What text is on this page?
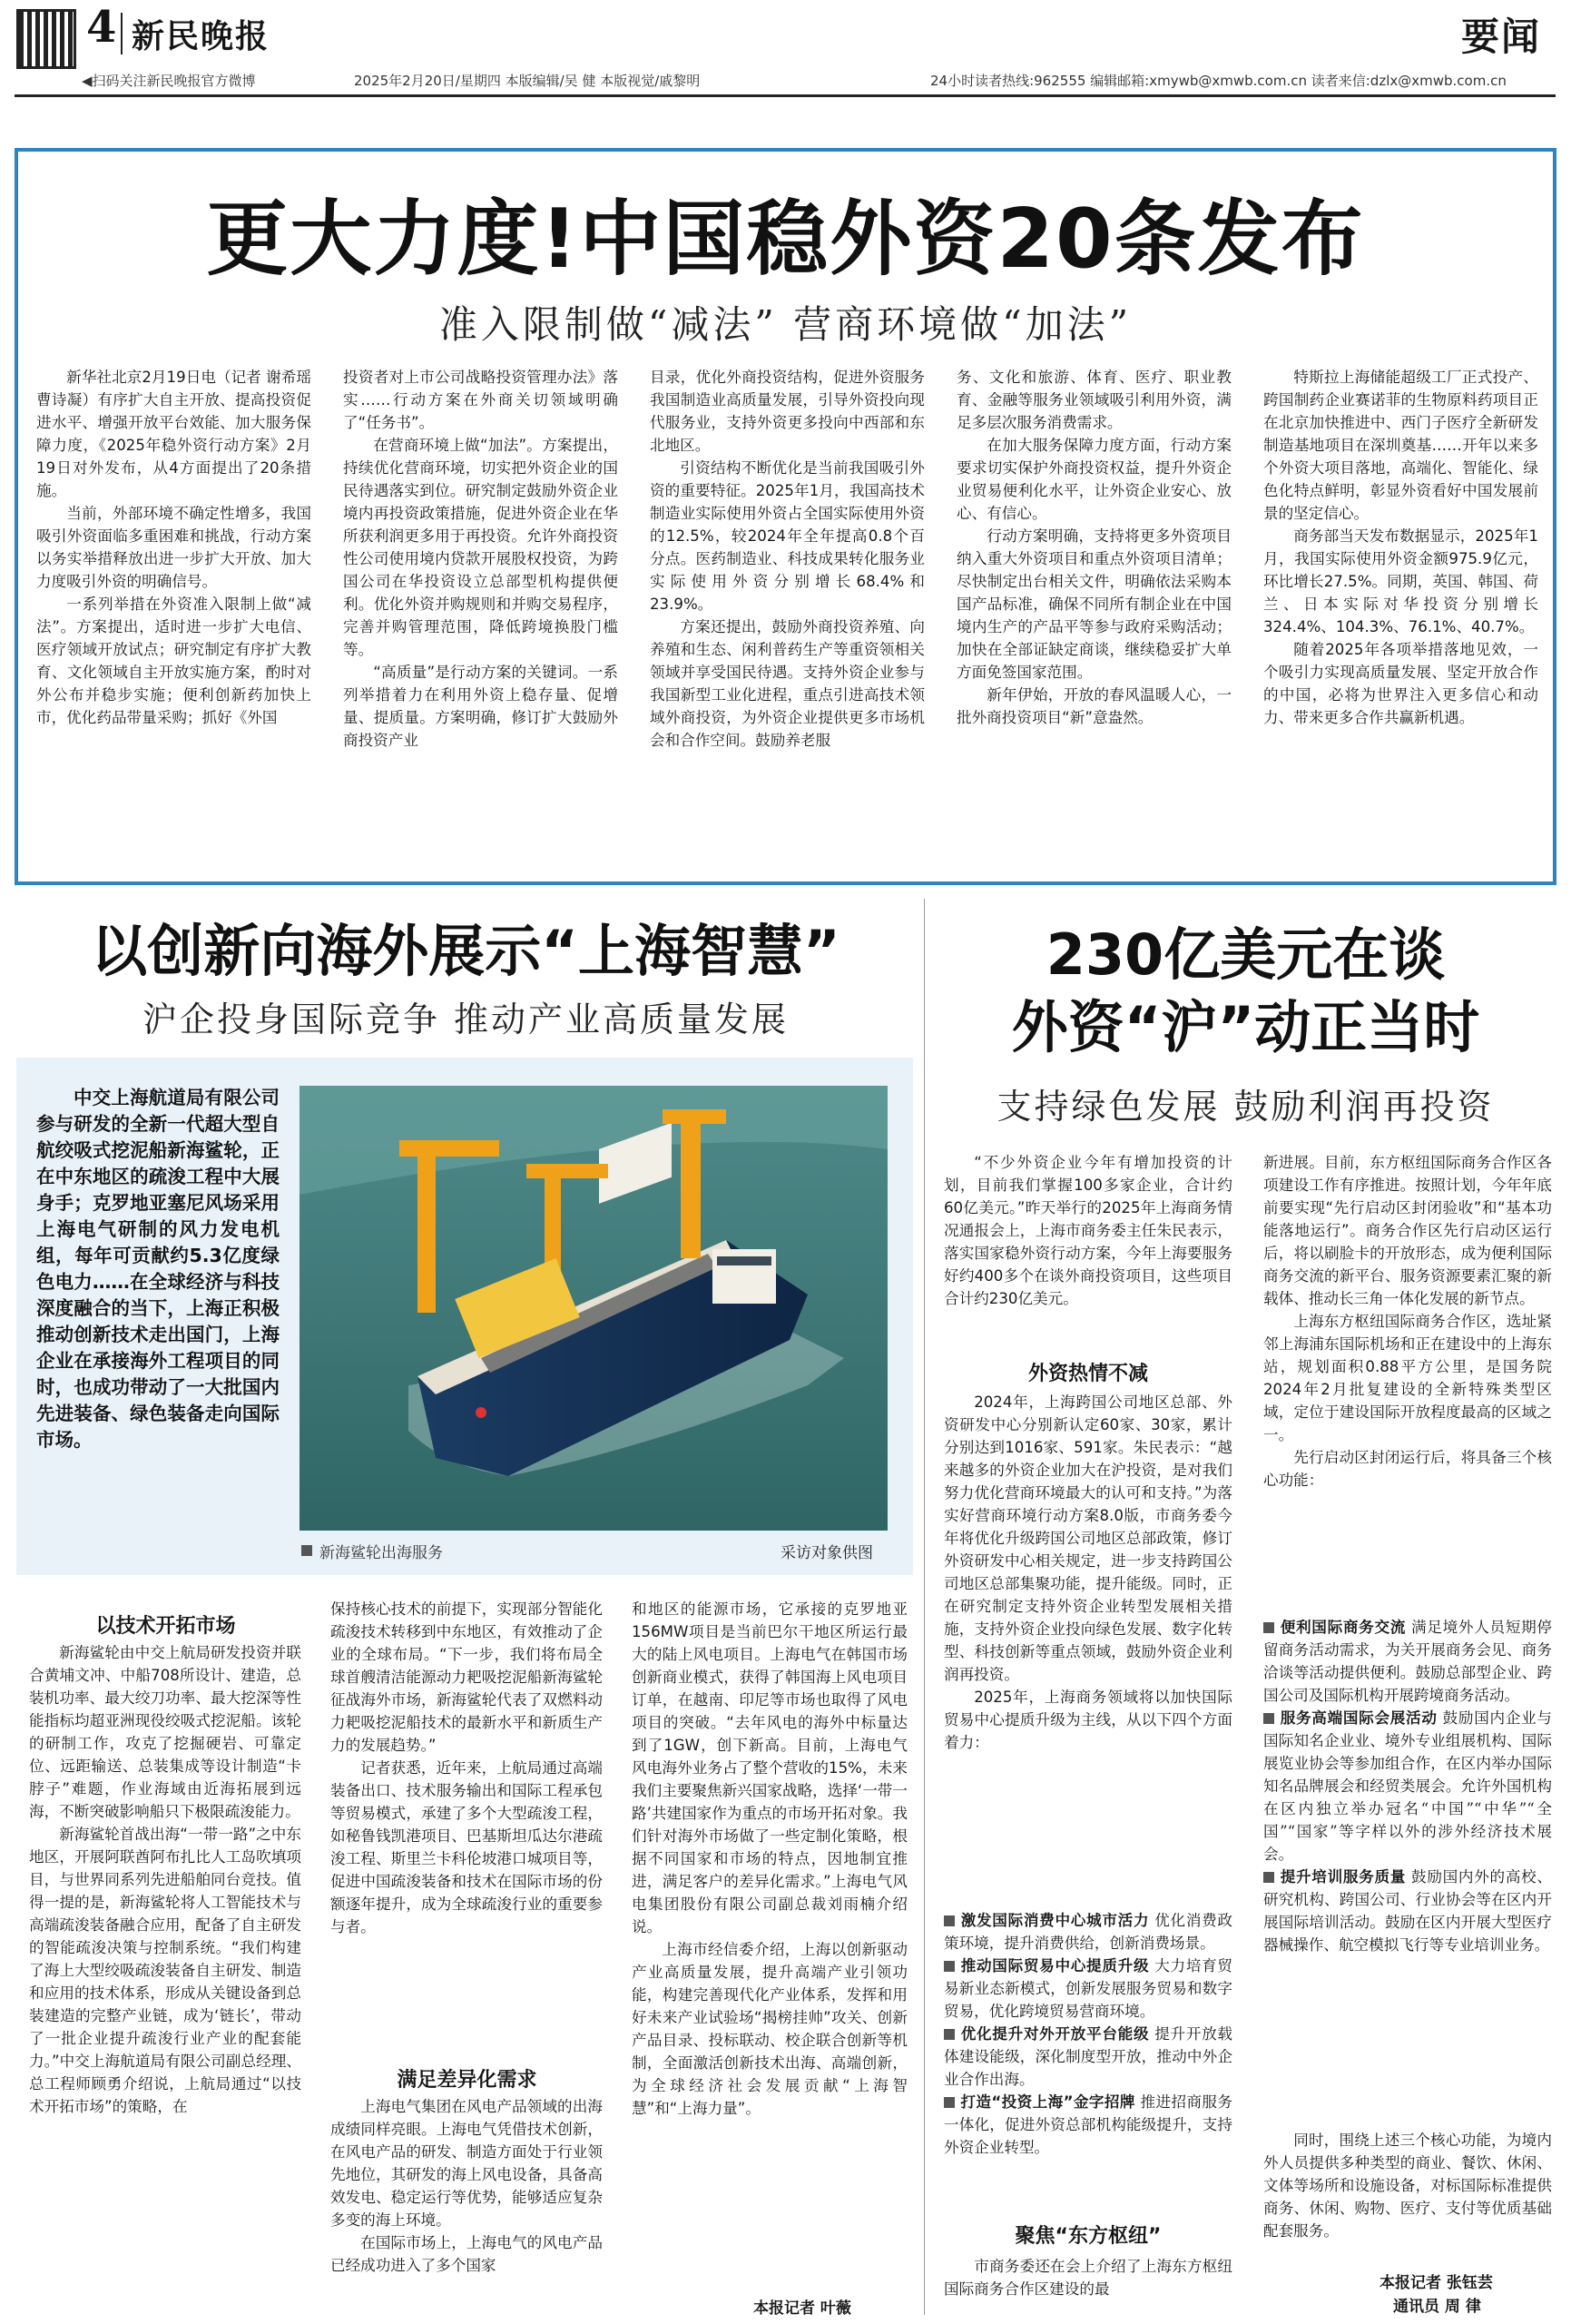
4 新民晚报	要闻
◀扫码关注新民晚报官方微博	2025年2月20日/星期四 本版编辑/吴 健 本版视觉/戚黎明	24小时读者热线:962555 编辑邮箱:xmywb@xmwb.com.cn 读者来信:dzlx@xmwb.com.cn
更大力度!中国稳外资20条发布
准入限制做“减法” 营商环境做“加法”

新华社北京2月19日电（记者 谢希瑶 曹诗凝）有序扩大自主开放、提高投资促进水平、增强开放平台效能、加大服务保障力度，《2025年稳外资行动方案》2月19日对外发布，从4方面提出了20条措施。

当前，外部环境不确定性增多，我国吸引外资面临多重困难和挑战，行动方案以务实举措释放出进一步扩大开放、加大力度吸引外资的明确信号。

一系列举措在外资准入限制上做“减法”。方案提出，适时进一步扩大电信、医疗领域开放试点；研究制定有序扩大教育、文化领域自主开放实施方案，酌时对外公布并稳步实施；便利创新药加快上市，优化药品带量采购；抓好《外国

投资者对上市公司战略投资管理办法》落实……行动方案在外商关切领域明确了“任务书”。

在营商环境上做“加法”。方案提出，持续优化营商环境，切实把外资企业的国民待遇落实到位。研究制定鼓励外资企业境内再投资政策措施，促进外资企业在华所获利润更多用于再投资。允许外商投资性公司使用境内贷款开展股权投资，为跨国公司在华投资设立总部型机构提供便利。优化外资并购规则和并购交易程序，完善并购管理范围，降低跨境换股门槛等。

“高质量”是行动方案的关键词。一系列举措着力在利用外资上稳存量、促增量、提质量。方案明确，修订扩大鼓励外商投资产业

目录，优化外商投资结构，促进外资服务我国制造业高质量发展，引导外资投向现代服务业，支持外资更多投向中西部和东北地区。

引资结构不断优化是当前我国吸引外资的重要特征。2025年1月，我国高技术制造业实际使用外资占全国实际使用外资的12.5%，较2024年全年提高0.8个百分点。医药制造业、科技成果转化服务业实际使用外资分别增长68.4%和23.9%。

方案还提出，鼓励外商投资养殖、向养殖和生态、闲利普药生产等重资领相关领域并享受国民待遇。支持外资企业参与我国新型工业化进程，重点引进高技术领域外商投资，为外资企业提供更多市场机会和合作空间。鼓励养老服

务、文化和旅游、体育、医疗、职业教育、金融等服务业领域吸引利用外资，满足多层次服务消费需求。

在加大服务保障力度方面，行动方案要求切实保护外商投资权益，提升外资企业贸易便利化水平，让外资企业安心、放心、有信心。

行动方案明确，支持将更多外资项目纳入重大外资项目和重点外资项目清单；尽快制定出台相关文件，明确依法采购本国产品标准，确保不同所有制企业在中国境内生产的产品平等参与政府采购活动；加快在全部证缺定商谈，继续稳妥扩大单方面免签国家范围。

新年伊始，开放的春风温暖人心，一批外商投资项目“新”意盎然。

特斯拉上海储能超级工厂正式投产、跨国制药企业赛诺菲的生物原料药项目正在北京加快推进中、西门子医疗全新研发制造基地项目在深圳奠基……开年以来多个外资大项目落地，高端化、智能化、绿色化特点鲜明，彰显外资看好中国发展前景的坚定信心。

商务部当天发布数据显示，2025年1月，我国实际使用外资金额975.9亿元，环比增长27.5%。同期，英国、韩国、荷兰、日本实际对华投资分别增长324.4%、104.3%、76.1%、40.7%。

随着2025年各项举措落地见效，一个吸引力实现高质量发展、坚定开放合作的中国，必将为世界注入更多信心和动力、带来更多合作共赢新机遇。

以创新向海外展示“上海智慧”
沪企投身国际竞争 推动产业高质量发展
中交上海航道局有限公司参与研发的全新一代超大型自航绞吸式挖泥船新海鲨轮，正在中东地区的疏浚工程中大展身手；克罗地亚塞尼风场采用上海电气研制的风力发电机组，每年可贡献约5.3亿度绿色电力……在全球经济与科技深度融合的当下，上海正积极推动创新技术走出国门，上海企业在承接海外工程项目的同时，也成功带动了一大批国内先进装备、绿色装备走向国际市场。
新海鲨轮出海服务	采访对象供图
以技术开拓市场

新海鲨轮由中交上航局研发投资并联合黄埔文冲、中船708所设计、建造，总装机功率、最大绞刀功率、最大挖深等性能指标均超亚洲现役绞吸式挖泥船。该轮的研制工作，攻克了挖掘硬岩、可靠定位、远距输送、总装集成等设计制造“卡脖子”难题，作业海域由近海拓展到远海，不断突破影响船只下极限疏浚能力。

新海鲨轮首战出海“一带一路”之中东地区，开展阿联酋阿布扎比人工岛吹填项目，与世界同系列先进船舶同台竞技。值得一提的是，新海鲨轮将人工智能技术与高端疏浚装备融合应用，配备了自主研发的智能疏浚决策与控制系统。“我们构建了海上大型绞吸疏浚装备自主研发、制造和应用的技术体系，形成从关键设备到总装建造的完整产业链，成为‘链长’，带动了一批企业提升疏浚行业产业的配套能力。”中交上海航道局有限公司副总经理、总工程师顾勇介绍说，上航局通过“以技术开拓市场”的策略，在

保持核心技术的前提下，实现部分智能化疏浚技术转移到中东地区，有效推动了企业的全球布局。“下一步，我们将布局全球首艘清洁能源动力耙吸挖泥船新海鲨轮征战海外市场，新海鲨轮代表了双燃料动力耙吸挖泥船技术的最新水平和新质生产力的发展趋势。”

记者获悉，近年来，上航局通过高端装备出口、技术服务输出和国际工程承包等贸易模式，承建了多个大型疏浚工程，如秘鲁钱凯港项目、巴基斯坦瓜达尔港疏浚工程、斯里兰卡科伦坡港口城项目等，促进中国疏浚装备和技术在国际市场的份额逐年提升，成为全球疏浚行业的重要参与者。

满足差异化需求

上海电气集团在风电产品领域的出海成绩同样亮眼。上海电气凭借技术创新，在风电产品的研发、制造方面处于行业领先地位，其研发的海上风电设备，具备高效发电、稳定运行等优势，能够适应复杂多变的海上环境。

在国际市场上，上海电气的风电产品已经成功进入了多个国家

和地区的能源市场，它承接的克罗地亚156MW项目是当前巴尔干地区所运行最大的陆上风电项目。上海电气在韩国市场创新商业模式，获得了韩国海上风电项目订单，在越南、印尼等市场也取得了风电项目的突破。“去年风电的海外中标量达到了1GW，创下新高。目前，上海电气风电海外业务占了整个营收的15%，未来我们主要聚焦新兴国家战略，选择‘一带一路’共建国家作为重点的市场开拓对象。我们针对海外市场做了一些定制化策略，根据不同国家和市场的特点，因地制宜推进，满足客户的差异化需求。”上海电气风电集团股份有限公司副总裁刘雨楠介绍说。

上海市经信委介绍，上海以创新驱动产业高质量发展，提升高端产业引领功能，构建完善现代化产业体系，发挥和用好未来产业试验场“揭榜挂帅”攻关、创新产品目录、投标联动、校企联合创新等机制，全面激活创新技术出海、高端创新，为全球经济社会发展贡献“上海智慧”和“上海力量”。

本报记者 叶薇
230亿美元在谈
外资“沪”动正当时
支持绿色发展 鼓励利润再投资

“不少外资企业今年有增加投资的计划，目前我们掌握100多家企业，合计约60亿美元。”昨天举行的2025年上海商务情况通报会上，上海市商务委主任朱民表示，落实国家稳外资行动方案，今年上海要服务好约400多个在谈外商投资项目，这些项目合计约230亿美元。

外资热情不减

2024年，上海跨国公司地区总部、外资研发中心分别新认定60家、30家，累计分别达到1016家、591家。朱民表示：“越来越多的外资企业加大在沪投资，是对我们努力优化营商环境最大的认可和支持。”为落实好营商环境行动方案8.0版，市商务委今年将优化升级跨国公司地区总部政策，修订外资研发中心相关规定，进一步支持跨国公司地区总部集聚功能，提升能级。同时，正在研究制定支持外资企业转型发展相关措施，支持外资企业投向绿色发展、数字化转型、科技创新等重点领域，鼓励外资企业利润再投资。

2025年，上海商务领域将以加快国际贸易中心提质升级为主线，从以下四个方面着力：

激发国际消费中心城市活力 优化消费政策环境，提升消费供给，创新消费场景。

推动国际贸易中心提质升级 大力培育贸易新业态新模式，创新发展服务贸易和数字贸易，优化跨境贸易营商环境。

优化提升对外开放平台能级 提升开放载体建设能级，深化制度型开放，推动中外企业合作出海。

打造“投资上海”金字招牌 推进招商服务一体化，促进外资总部机构能级提升，支持外资企业转型。

聚焦“东方枢纽”

市商务委还在会上介绍了上海东方枢纽国际商务合作区建设的最

新进展。目前，东方枢纽国际商务合作区各项建设工作有序推进。按照计划，今年年底前要实现“先行启动区封闭验收”和“基本功能落地运行”。商务合作区先行启动区运行后，将以刷脸卡的开放形态，成为便利国际商务交流的新平台、服务资源要素汇聚的新载体、推动长三角一体化发展的新节点。

上海东方枢纽国际商务合作区，选址紧邻上海浦东国际机场和正在建设中的上海东站，规划面积0.88平方公里，是国务院2024年2月批复建设的全新特殊类型区域，定位于建设国际开放程度最高的区域之一。

先行启动区封闭运行后，将具备三个核心功能：

便利国际商务交流 满足境外人员短期停留商务活动需求，为关开展商务会见、商务洽谈等活动提供便利。鼓励总部型企业、跨国公司及国际机构开展跨境商务活动。

服务高端国际会展活动 鼓励国内企业与国际知名企业业、境外专业组展机构、国际展览业协会等参加组合作，在区内举办国际知名品牌展会和经贸类展会。允许外国机构在区内独立举办冠名“中国”“中华”“全国”“国家”等字样以外的涉外经济技术展会。

提升培训服务质量 鼓励国内外的高校、研究机构、跨国公司、行业协会等在区内开展国际培训活动。鼓励在区内开展大型医疗器械操作、航空模拟飞行等专业培训业务。

同时，围绕上述三个核心功能，为境内外人员提供多种类型的商业、餐饮、休闲、文体等场所和设施设备，对标国际标准提供商务、休闲、购物、医疗、支付等优质基础配套服务。

本报记者 张钰芸
通讯员 周 律
